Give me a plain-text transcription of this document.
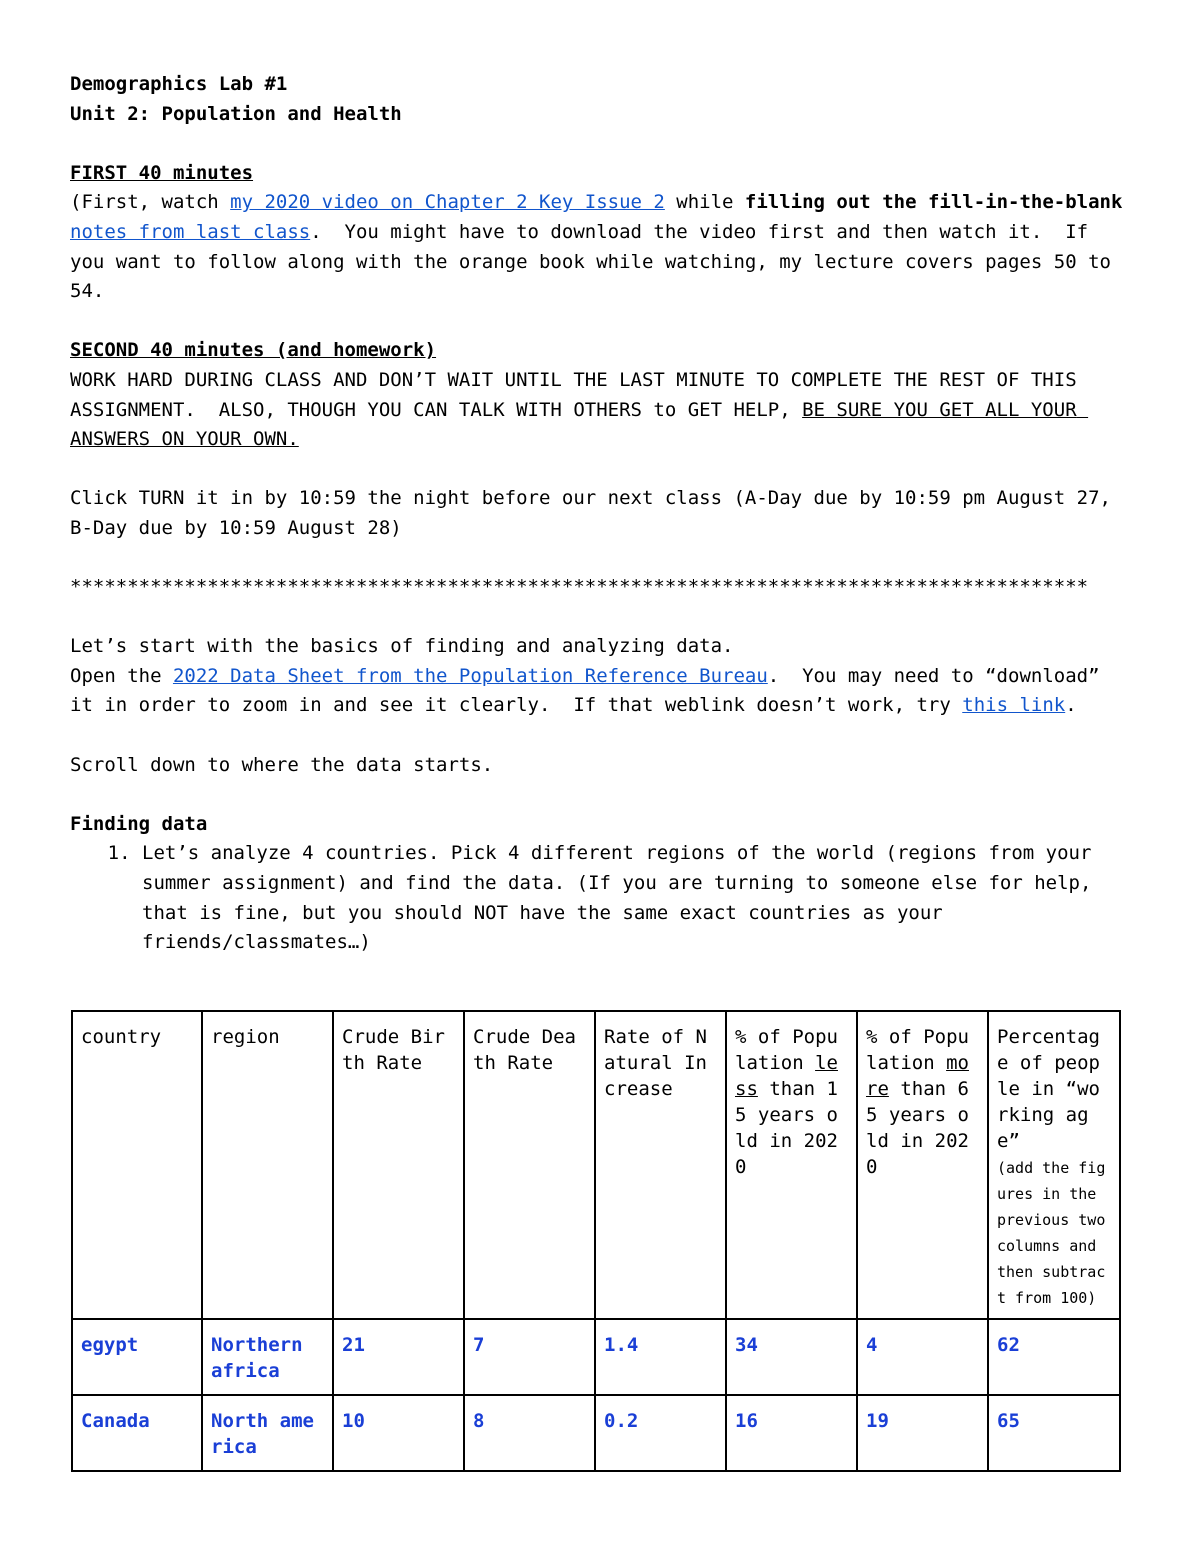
Demographics Lab #1
Unit 2: Population and Health
FIRST 40 minutes
(First, watch my 2020 video on Chapter 2 Key Issue 2 while filling out the fill-in-the-blank notes from last class.  You might have to download the video first and then watch it.  If you want to follow along with the orange book while watching, my lecture covers pages 50 to 54.
SECOND 40 minutes (and homework)
WORK HARD DURING CLASS AND DON’T WAIT UNTIL THE LAST MINUTE TO COMPLETE THE REST OF THIS ASSIGNMENT.  ALSO, THOUGH YOU CAN TALK WITH OTHERS to GET HELP, BE SURE YOU GET ALL YOUR ANSWERS ON YOUR OWN.
Click TURN it in by 10:59 the night before our next class (A-Day due by 10:59 pm August 27, B-Day due by 10:59 August 28)
*****************************************************************************************
Let’s start with the basics of finding and analyzing data.
Open the 2022 Data Sheet from the Population Reference Bureau.  You may need to “download” it in order to zoom in and see it clearly.  If that weblink doesn’t work, try this link.
Scroll down to where the data starts.
Finding data
1. Let’s analyze 4 countries. Pick 4 different regions of the world (regions from your summer assignment) and find the data. (If you are turning to someone else for help, that is fine, but you should NOT have the same exact countries as your friends/classmates…)
country	region	Crude Birth Rate	Crude Death Rate	Rate of Natural Increase	% of Population less than 15 years old in 2020	% of Population more than 65 years old in 2020	Percentage of people in “working age”
(add the figures in the previous two columns and then subtract from 100)
egypt	Northern africa	21	7	1.4	34	4	62
Canada	North america	10	8	0.2	16	19	65
